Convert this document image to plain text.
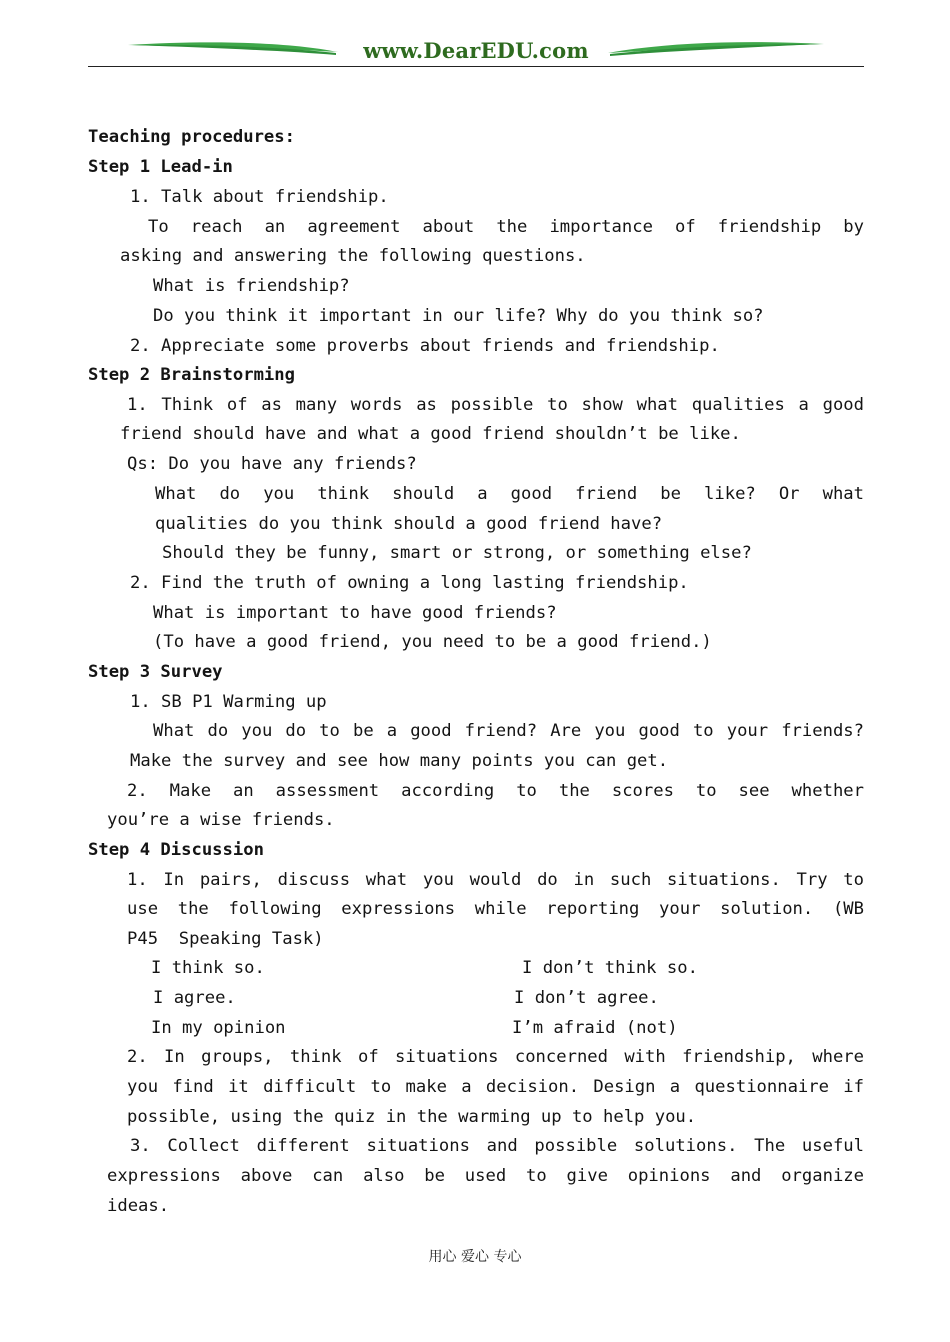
www.DearEDU.com

Teaching procedures:

Step 1 Lead-in

1. Talk about friendship.

To reach an agreement about the importance of friendship by

asking and answering the following questions.

What is friendship?

Do you think it important in our life? Why do you think so?

2. Appreciate some proverbs about friends and friendship.

Step 2 Brainstorming

1. Think of as many words as possible to show what qualities a good

friend should have and what a good friend shouldn’t be like.

Qs: Do you have any friends?

What do you think should a good friend be like? Or what

qualities do you think should a good friend have?

Should they be funny, smart or strong, or something else?

2. Find the truth of owning a long lasting friendship.

What is important to have good friends?

(To have a good friend, you need to be a good friend.)

Step 3 Survey

1. SB P1 Warming up

What do you do to be a good friend? Are you good to your friends?

Make the survey and see how many points you can get.

2. Make an assessment according to the scores to see whether

you’re a wise friends.

Step 4 Discussion

1. In pairs, discuss what you would do in such situations. Try to

use the following expressions while reporting your solution. (WB

P45  Speaking Task)

I think so.	I don’t think so.

I agree.	I don’t agree.

In my opinion	I’m afraid (not)

2. In groups, think of situations concerned with friendship, where

you find it difficult to make a decision. Design a questionnaire if

possible, using the quiz in the warming up to help you.

3. Collect different situations and possible solutions. The useful

expressions above can also be used to give opinions and organize

ideas.

用心 爱心 专心
